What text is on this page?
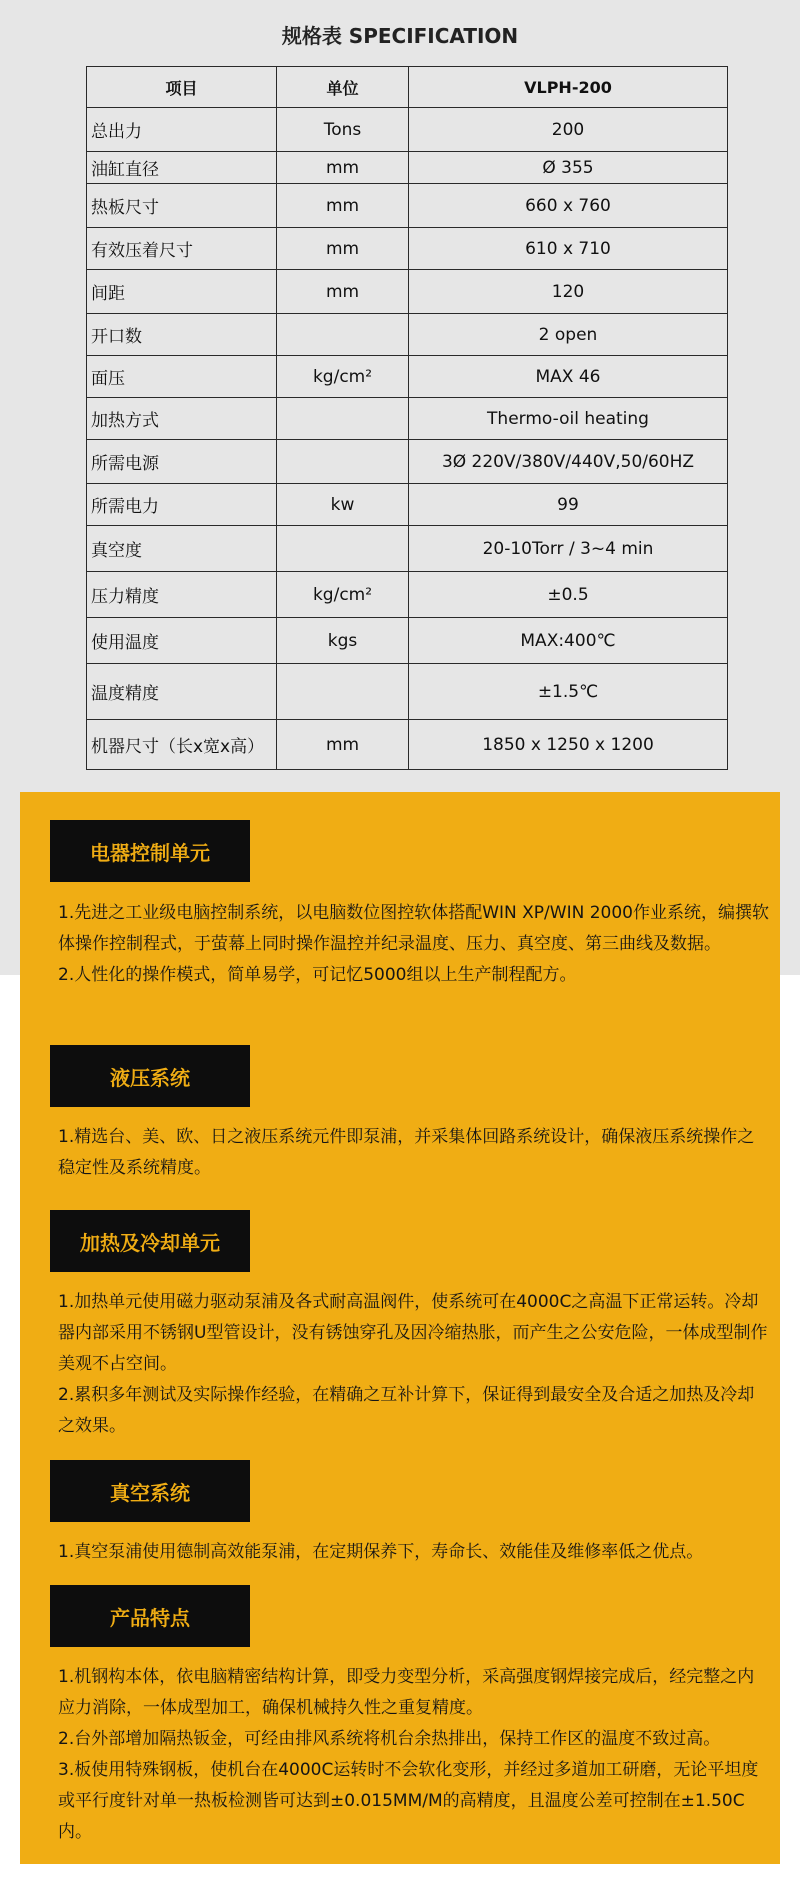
规格表 SPECIFICATION
项目	单位	VLPH-200
总出力	Tons	200
油缸直径	mm	Ø 355
热板尺寸	mm	660 x 760
有效压着尺寸	mm	610 x 710
间距	mm	120
开口数		2 open
面压	kg/cm²	MAX 46
加热方式		Thermo-oil heating
所需电源		3Ø 220V/380V/440V,50/60HZ
所需电力	kw	99
真空度		20-10Torr / 3~4 min
压力精度	kg/cm²	±0.5
使用温度	kgs	MAX:400℃
温度精度		±1.5℃
机器尺寸（长x宽x高）	mm	1850 x 1250 x 1200
电器控制单元

1.先进之工业级电脑控制系统，以电脑数位图控软体搭配WIN XP/WIN 2000作业系统，编撰软体操作控制程式，于萤幕上同时操作温控并纪录温度、压力、真空度、第三曲线及数据。

2.人性化的操作模式，简单易学，可记忆5000组以上生产制程配方。

液压系统

1.精选台、美、欧、日之液压系统元件即泵浦，并采集体回路系统设计，确保液压系统操作之稳定性及系统精度。

加热及冷却单元

1.加热单元使用磁力驱动泵浦及各式耐高温阀件，使系统可在4000C之高温下正常运转。冷却器内部采用不锈钢U型管设计，没有锈蚀穿孔及因冷缩热胀，而产生之公安危险，一体成型制作美观不占空间。

2.累积多年测试及实际操作经验，在精确之互补计算下，保证得到最安全及合适之加热及冷却之效果。

真空系统

1.真空泵浦使用德制高效能泵浦，在定期保养下，寿命长、效能佳及维修率低之优点。

产品特点

1.机钢构本体，依电脑精密结构计算，即受力变型分析，采高强度钢焊接完成后，经完整之内应力消除，一体成型加工，确保机械持久性之重复精度。

2.台外部增加隔热钣金，可经由排风系统将机台余热排出，保持工作区的温度不致过高。

3.板使用特殊钢板，使机台在4000C运转时不会软化变形，并经过多道加工研磨，无论平坦度或平行度针对单一热板检测皆可达到±0.015MM/M的高精度，且温度公差可控制在±1.50C内。
